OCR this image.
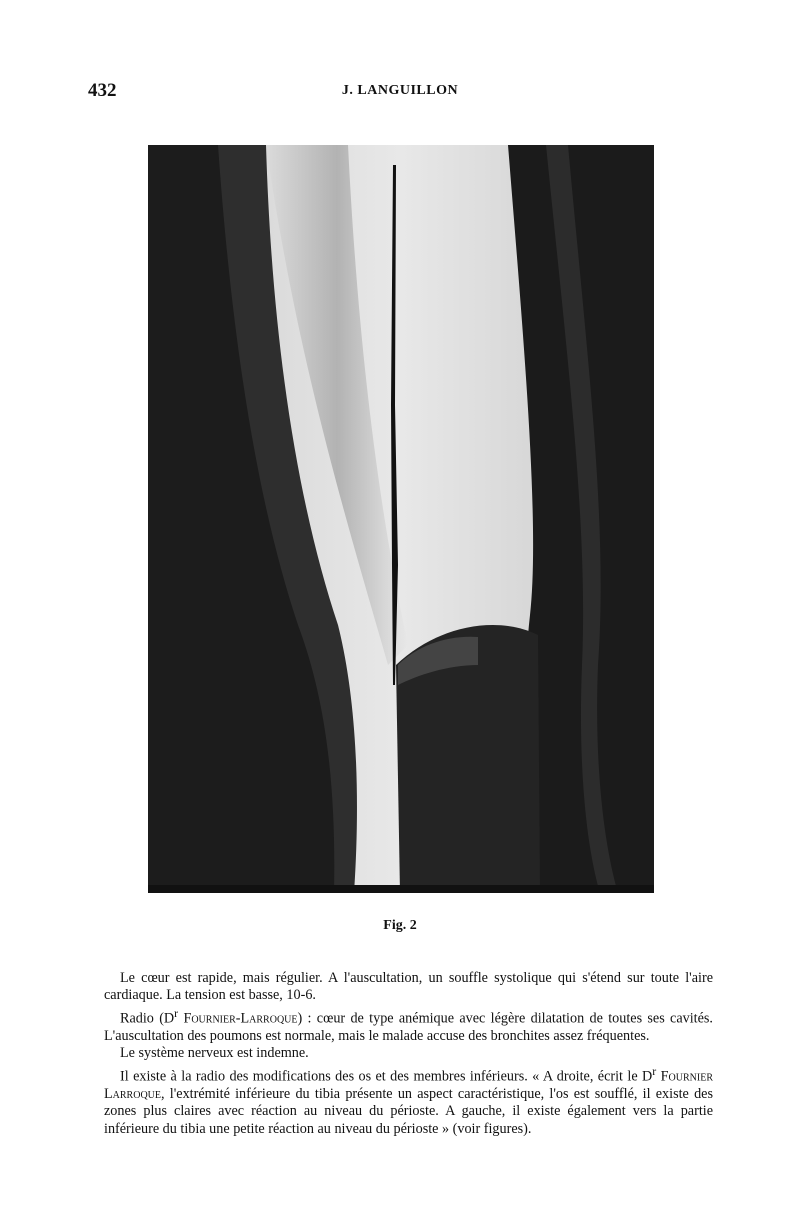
432	J. LANGUILLON
Fig. 2

Le cœur est rapide, mais régulier. A l'auscultation, un souffle systolique qui s'étend sur toute l'aire cardiaque. La tension est basse, 10-6.

Radio ($D^r$ Fournier-Larroque) : cœur de type anémique avec légère dilatation de toutes ses cavités. L'auscultation des poumons est normale, mais le malade accuse des bronchites assez fréquentes.

Le système nerveux est indemne.

Il existe à la radio des modifications des os et des membres inférieurs. « A droite, écrit le $D^r$ Fournier Larroque, l'extrémité inférieure du tibia présente un aspect caractéristique, l'os est soufflé, il existe des zones plus claires avec réaction au niveau du périoste. A gauche, il existe également vers la partie inférieure du tibia une petite réaction au niveau du périoste » (voir figures).
